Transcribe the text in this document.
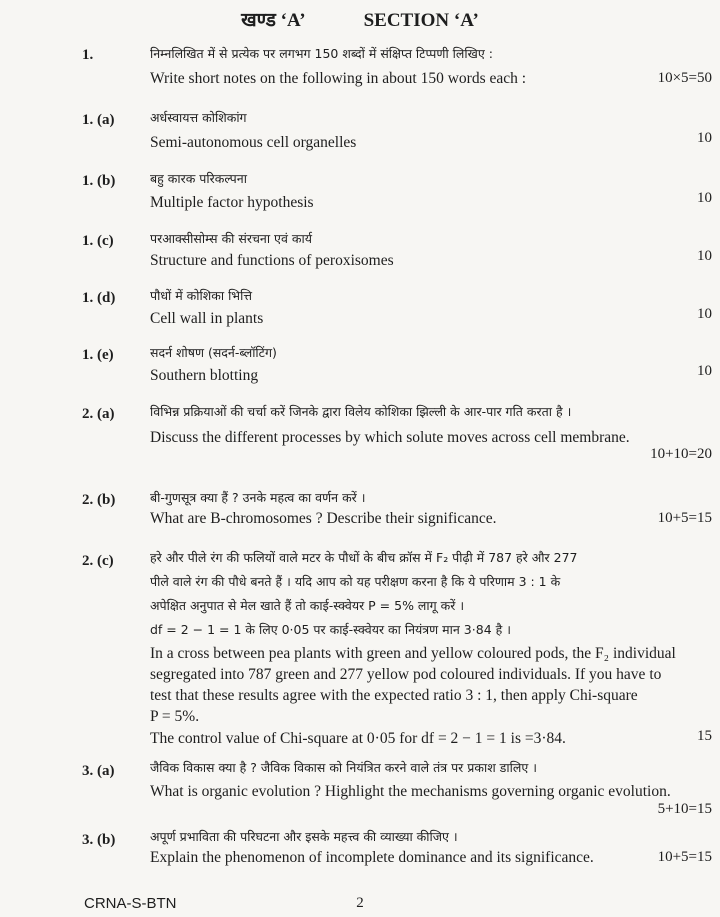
खण्ड ‘A’	SECTION ‘A’
1.	निम्नलिखित में से प्रत्येक पर लगभग 150 शब्दों में संक्षिप्त टिप्पणी लिखिए :
Write short notes on the following in about 150 words each :	10×5=50
1. (a)	अर्धस्वायत्त कोशिकांग
Semi-autonomous cell organelles	10
1. (b)	बहु कारक परिकल्पना
Multiple factor hypothesis	10
1. (c)	परआक्सीसोम्स की संरचना एवं कार्य
Structure and functions of peroxisomes	10
1. (d)	पौधों में कोशिका भित्ति
Cell wall in plants	10
1. (e)	सदर्न शोषण (सदर्न-ब्लॉटिंग)
Southern blotting	10
2. (a)	विभिन्न प्रक्रियाओं की चर्चा करें जिनके द्वारा विलेय कोशिका झिल्ली के आर-पार गति करता है ।
Discuss the different processes by which solute moves across cell membrane.
10+10=20
2. (b)	बी-गुणसूत्र क्या हैं ? उनके महत्व का वर्णन करें ।
What are B-chromosomes ? Describe their significance.	10+5=15
2. (c)	हरे और पीले रंग की फलियों वाले मटर के पौधों के बीच क्रॉस में F₂ पीढ़ी में 787 हरे और 277
पीले वाले रंग की पौधे बनते हैं । यदि आप को यह परीक्षण करना है कि ये परिणाम 3 : 1 के
अपेक्षित अनुपात से मेल खाते हैं तो काई-स्क्वेयर P = 5% लागू करें ।
df = 2 − 1 = 1 के लिए 0·05 पर काई-स्क्वेयर का नियंत्रण मान 3·84 है ।
In a cross between pea plants with green and yellow coloured pods, the F₂ individual
segregated into 787 green and 277 yellow pod coloured individuals. If you have to
test that these results agree with the expected ratio 3 : 1, then apply Chi-square
P = 5%.
The control value of Chi-square at 0·05 for df = 2 − 1 = 1 is =3·84.	15
3. (a)	जैविक विकास क्या है ? जैविक विकास को नियंत्रित करने वाले तंत्र पर प्रकाश डालिए ।
What is organic evolution ? Highlight the mechanisms governing organic evolution.
5+10=15
3. (b)	अपूर्ण प्रभाविता की परिघटना और इसके महत्त्व की व्याख्या कीजिए ।
Explain the phenomenon of incomplete dominance and its significance.	10+5=15
CRNA-S-BTN	2
